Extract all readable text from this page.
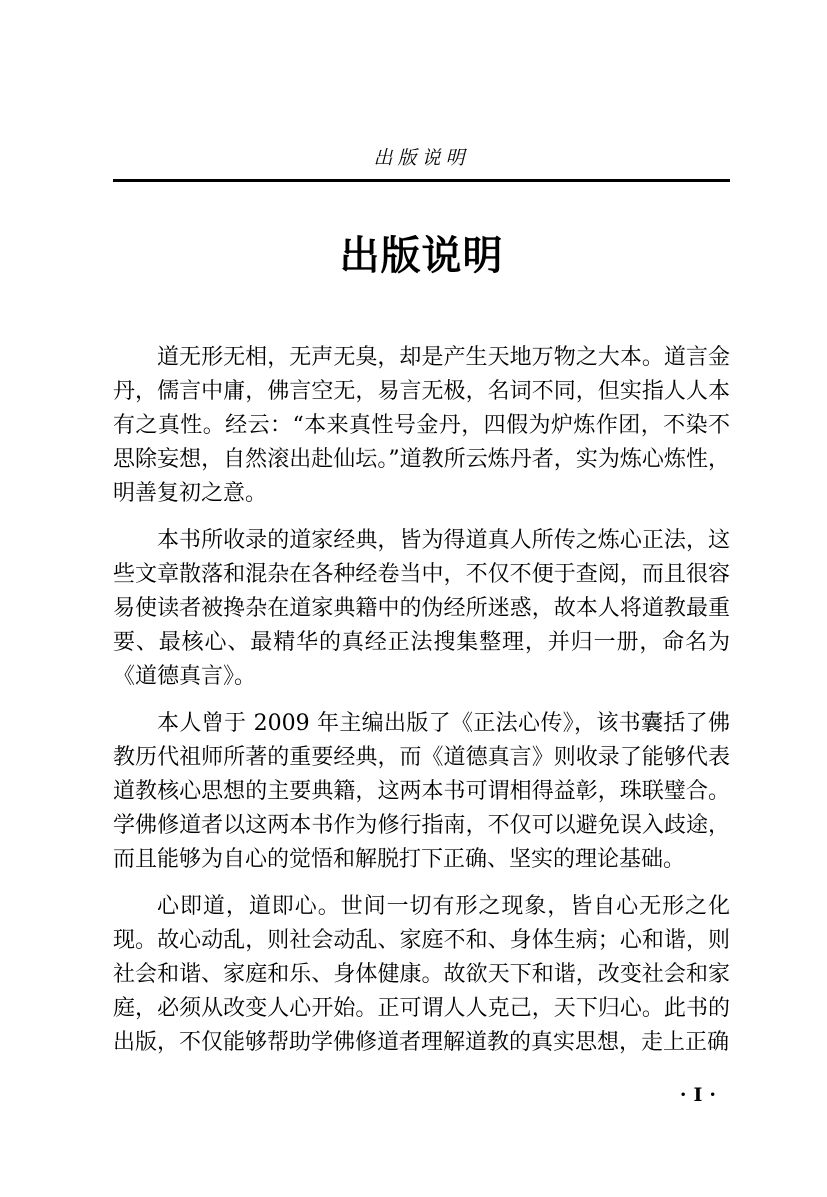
出版说明
出版说明

道无形无相，无声无臭，却是产生天地万物之大本。道言金丹，儒言中庸，佛言空无，易言无极，名词不同，但实指人人本有之真性。经云：“本来真性号金丹，四假为炉炼作团，不染不思除妄想，自然滚出赴仙坛。”道教所云炼丹者，实为炼心炼性，明善复初之意。

本书所收录的道家经典，皆为得道真人所传之炼心正法，这些文章散落和混杂在各种经卷当中，不仅不便于查阅，而且很容易使读者被搀杂在道家典籍中的伪经所迷惑，故本人将道教最重要、最核心、最精华的真经正法搜集整理，并归一册，命名为《道德真言》。

本人曾于 2009 年主编出版了《正法心传》，该书囊括了佛教历代祖师所著的重要经典，而《道德真言》则收录了能够代表道教核心思想的主要典籍，这两本书可谓相得益彰，珠联璧合。学佛修道者以这两本书作为修行指南，不仅可以避免误入歧途，而且能够为自心的觉悟和解脱打下正确、坚实的理论基础。

心即道，道即心。世间一切有形之现象，皆自心无形之化现。故心动乱，则社会动乱、家庭不和、身体生病；心和谐，则社会和谐、家庭和乐、身体健康。故欲天下和谐，改变社会和家庭，必须从改变人心开始。正可谓人人克己，天下归心。此书的出版，不仅能够帮助学佛修道者理解道教的真实思想，走上正确

·Ⅰ·
